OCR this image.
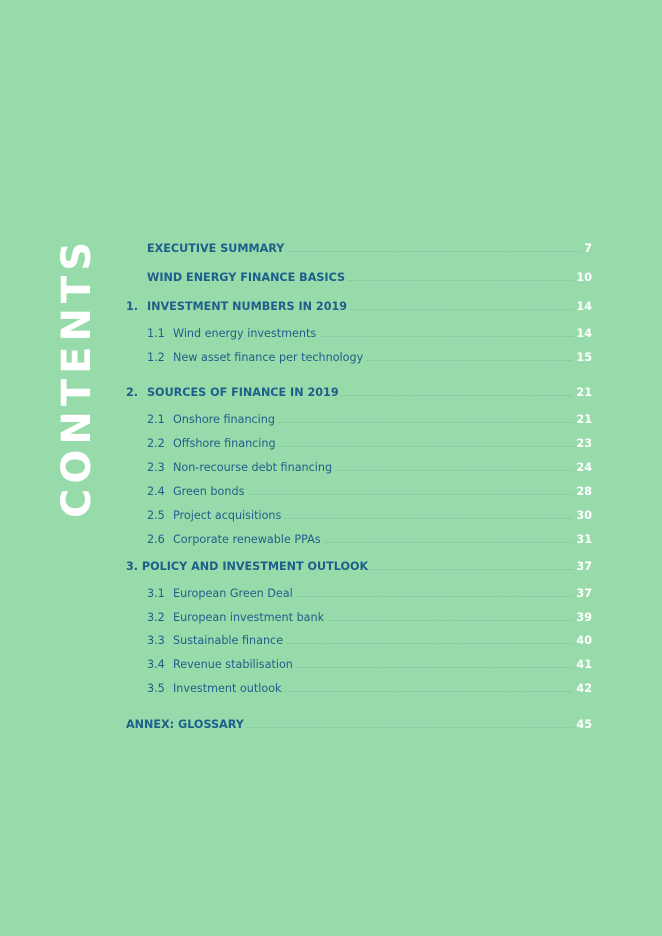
CONTENTS	EXECUTIVE SUMMARY .....	7
WIND ENERGY FINANCE BASICS .....	10
1. INVESTMENT NUMBERS IN 2019 .....	14
1.1 Wind energy investments .....	14
1.2 New asset finance per technology .....	15
2. SOURCES OF FINANCE IN 2019 .....	21
2.1 Onshore financing .....	21
2.2 Offshore financing .....	23
2.3 Non-recourse debt financing .....	24
2.4 Green bonds .....	28
2.5 Project acquisitions .....	30
2.6 Corporate renewable PPAs .....	31
3. POLICY AND INVESTMENT OUTLOOK .....	37
3.1 European Green Deal .....	37
3.2 European investment bank .....	39
3.3 Sustainable finance .....	40
3.4 Revenue stabilisation .....	41
3.5 Investment outlook .....	42
ANNEX: GLOSSARY .....	45
